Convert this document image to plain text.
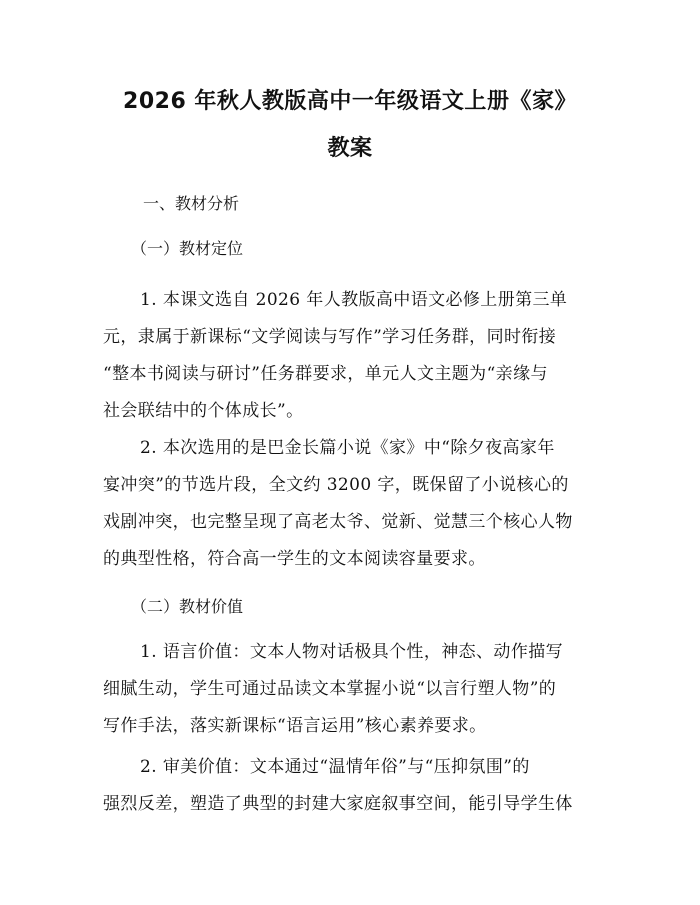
2026 年秋人教版高中一年级语文上册《家》
教案
一、教材分析
（一）教材定位
1. 本课文选自 2026 年人教版高中语文必修上册第三单
元，隶属于新课标“文学阅读与写作”学习任务群，同时衔接
“整本书阅读与研讨”任务群要求，单元人文主题为“亲缘与
社会联结中的个体成长”。
2. 本次选用的是巴金长篇小说《家》中“除夕夜高家年
宴冲突”的节选片段，全文约 3200 字，既保留了小说核心的
戏剧冲突，也完整呈现了高老太爷、觉新、觉慧三个核心人物
的典型性格，符合高一学生的文本阅读容量要求。
（二）教材价值
1. 语言价值：文本人物对话极具个性，神态、动作描写
细腻生动，学生可通过品读文本掌握小说“以言行塑人物”的
写作手法，落实新课标“语言运用”核心素养要求。
2. 审美价值：文本通过“温情年俗”与“压抑氛围”的
强烈反差，塑造了典型的封建大家庭叙事空间，能引导学生体
